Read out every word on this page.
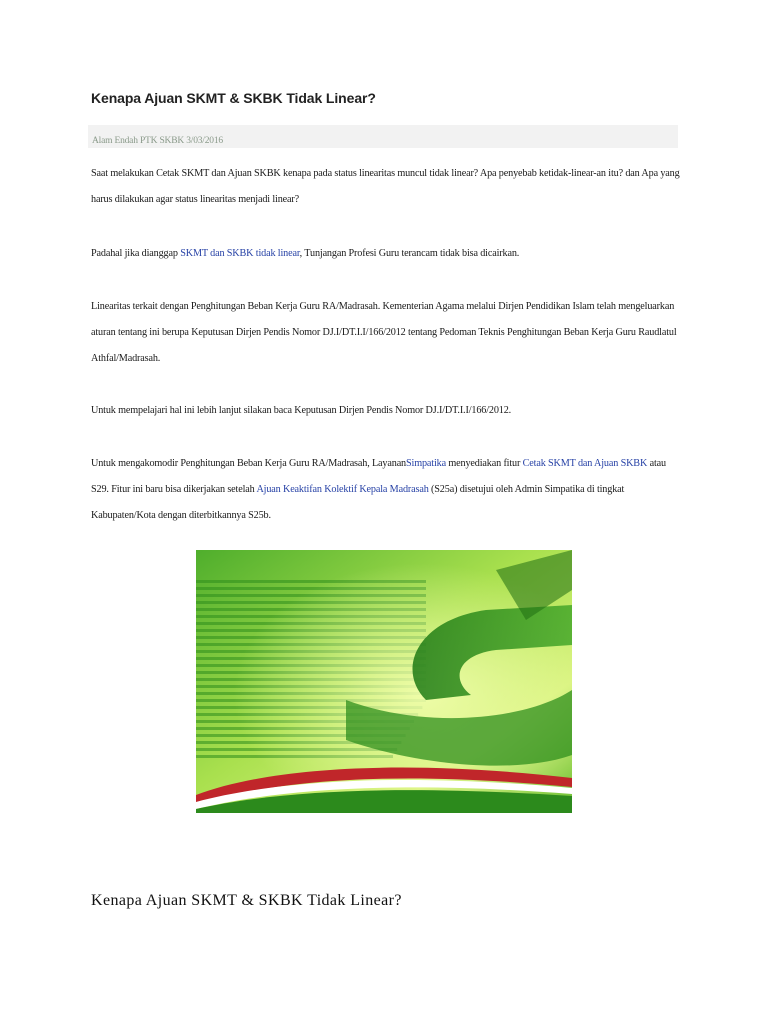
Kenapa Ajuan SKMT & SKBK Tidak Linear?
Alam Endah PTK SKBK 3/03/2016

Saat melakukan Cetak SKMT dan Ajuan SKBK kenapa pada status linearitas muncul tidak linear? Apa penyebab ketidak-linear-an itu? dan Apa yang harus dilakukan agar status linearitas menjadi linear?

Padahal jika dianggap SKMT dan SKBK tidak linear, Tunjangan Profesi Guru terancam tidak bisa dicairkan.

Linearitas terkait dengan Penghitungan Beban Kerja Guru RA/Madrasah. Kementerian Agama melalui Dirjen Pendidikan Islam telah mengeluarkan aturan tentang ini berupa Keputusan Dirjen Pendis Nomor DJ.I/DT.I.I/166/2012 tentang Pedoman Teknis Penghitungan Beban Kerja Guru Raudlatul Athfal/Madrasah.

Untuk mempelajari hal ini lebih lanjut silakan baca Keputusan Dirjen Pendis Nomor DJ.I/DT.I.I/166/2012.

Untuk mengakomodir Penghitungan Beban Kerja Guru RA/Madrasah, LayananSimpatika menyediakan fitur Cetak SKMT dan Ajuan SKBK atau S29. Fitur ini baru bisa dikerjakan setelah Ajuan Keaktifan Kolektif Kepala Madrasah (S25a) disetujui oleh Admin Simpatika di tingkat Kabupaten/Kota dengan diterbitkannya S25b.

Kenapa Ajuan SKMT & SKBK Tidak Linear?
